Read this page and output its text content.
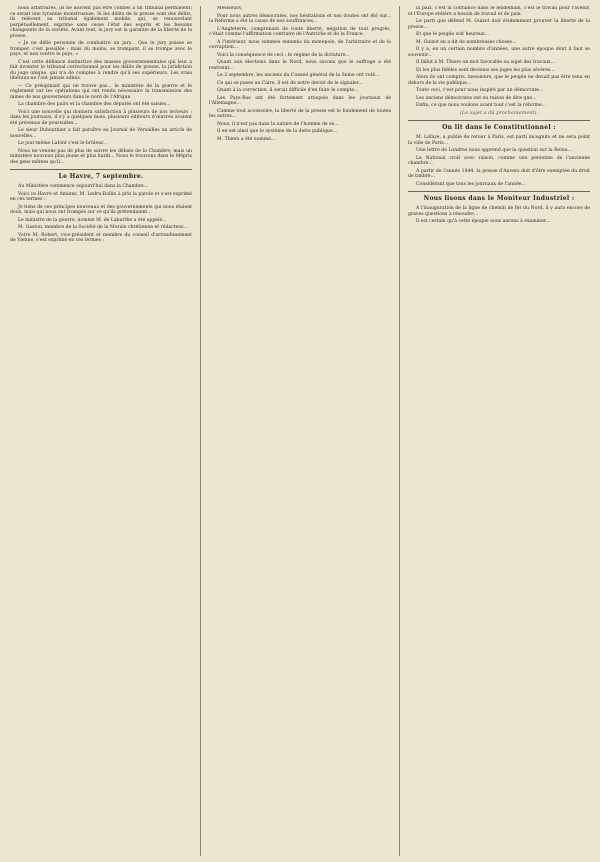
nous arbitraires, ils ne doivent pas être confiés à un tribunal permanent; ce serait une tyrannie monstrueuse. Si les délits de la presse sont des délits, ils relèvent au tribunal également mobile, qui, se renouvelant perpétuellement, exprime sans cesse l'état des esprits et les besoins changeants de la société. Avant tout, le jury est la garantie de la liberté de la presse.

« Je ne défie personne de combattre un jury... Que le jury puisse se tromper, c'est possible ; mais du moins, se trompant, il se trompe avec le pays, et non contre le pays. »

C'est cette défiance instinctive des masses gouvernementales qui leur a fait inventer le tribunal correctionnel pour les délits de presse, la juridiction du juge unique, qui n'a de comptes à rendre qu'à ses supérieurs. Les vrais libéraux ne l'ont jamais admis.

— Ce préopinant qui ne trouve pas... le ministère de la guerre et le règlement sur les opérations qui ont rendu nécessaire la transmission des mines de nos gouverneurs dans le nord de l'Afrique.

La chambre des pairs et la chambre des députés ont été saisies...

Voici une nouvelle qui donnera satisfaction à plusieurs de nos lecteurs : dans les journaux, il s'y a quelques mois, plusieurs éditeurs d'œuvres avaient été prévenus de poursuites...

Le sieur Dubouthier a fait paraître au Journal de Versailles un article de nouvelles...

Le jour-même Lafont s'est le brûleur...

Nous ne venons pas de plus de suivre les débats de la Chambre; mais un ministère nouveau plus jeune et plus hardi... Nous le trouvons dans le Mépris des gens mêmes qu'il...

Le Havre, 7 septembre.

Au Ministère commence aujourd'hui dans la Chambre...

Voici ce Havre et Amiens, M. Ledru-Rollin à pris la parole et s'est exprimé en ces termes :

Je tiens de ces principes nouveaux et des gouvernements qui nous étaient doux, mais qui nous ont trompés sur ce qu'ils prétendaient...

Le ministre de la guerre, nommé M. de Laburthe a été appelé...

M. Gaston, membre de la Société de la Morale chrétienne et rédacteur...

Votre M. Robert, vice-président et membre du conseil d'arrondissement de Vienne, s'est exprimé en ces termes :

Messieurs,

Pour nous autres démocrates, nos hésitations et nos doutes ont été sur... la Réforme a été la cause de nos souffrances...

L'Angleterre, comprenant de toute liberté, négation de tout progrès, c'était comme l'affirmation contraire de l'Autriche et de la France.

A l'intérieur, nous sommes ennemis du monopole, de l'arbitraire et de la corruption...

Voici la conséquence de ceci : le régime de la dictature...

Quant aux élections dans le Nord, nous savons que le suffrage a été restreint...

Le 2 septembre, les anciens du Conseil général de la Seine ont voté...

Ce qui se passe au Caire, il est de notre devoir de le signaler...

Quant à la correction, il serait difficile d'en faire le compte...

Les Pays-Bas ont été fortement attaqués dans les journaux de l'Allemagne...

Comme tout accessoire, la liberté de la presse est le fondement de toutes les autres...

Nous, il n'est pas dans la nature de l'homme de se...

Il en est ainsi que le système de la dette publique...

M. Thiers a été nommé...

la paix, c'est la confiance dans le lendemain, c'est le travail pour l'avenir, et l'Europe entière a besoin de travail et de paix.

Le parti que défend M. Guizot doit évidemment prouver la liberté de la presse...

Et que le peuple soit heureux...

M. Guizot en a dit de nombreuses choses...

Il y a, en un certain nombre d'années, une autre époque dont il faut se souvenir...

Il fallut à M. Thiers un mot favorable au sujet des travaux...

Et les plus fidèles sont devenus ses juges les plus sévères...

Alors ils ont compris, messieurs, que le peuple ne devait pas être tenu en dehors de la vie publique...

Toute ceci, c'est pour nous inspiré par un démocrate...

Les anciens démocrates ont eu raison de dire que...

Enfin, ce que nous voulons avant tout c'est la réforme...

(Le sujet a dû prochainement).
On lit dans le Constitutionnel :

M. Lafaye, a publié de retour à Paris, est parti incognito et ne sera point la ville de Paris...

Une lettre de Londres nous apprend que la question sur la Reine...

Le National croit avec raison, comme une personne de l'ancienne chambre...

A partir de l'année 1844, la presse d'Anvers doit d'être exemptée du droit de timbre...

Considérant que tous les journaux de l'année...

Nous lisons dans le Moniteur Industriel :

A l'inauguration de la ligne de chemin de fer du Nord, il y aura encore de graves questions à résoudre...

Il est certain qu'à cette époque nous aurons à examiner...
